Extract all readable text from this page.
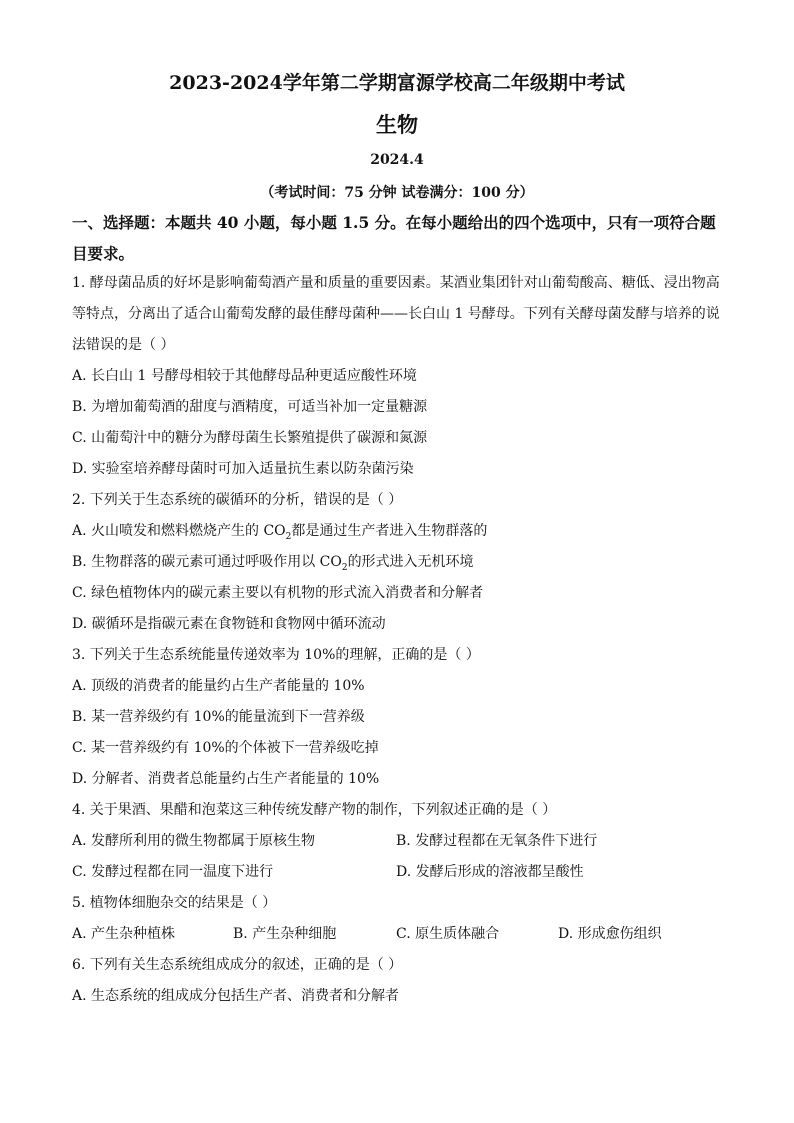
2023-2024学年第二学期富源学校高二年级期中考试
生物
2024.4
（考试时间：75 分钟 试卷满分：100 分）
一、选择题：本题共 40 小题，每小题 1.5 分。在每小题给出的四个选项中，只有一项符合题
目要求。
1. 酵母菌品质的好坏是影响葡萄酒产量和质量的重要因素。某酒业集团针对山葡萄酸高、糖低、浸出物高
等特点，分离出了适合山葡萄发酵的最佳酵母菌种——长白山 1 号酵母。下列有关酵母菌发酵与培养的说
法错误的是（ ）
A. 长白山 1 号酵母相较于其他酵母品种更适应酸性环境
B. 为增加葡萄酒的甜度与酒精度，可适当补加一定量糖源
C. 山葡萄汁中的糖分为酵母菌生长繁殖提供了碳源和氮源
D. 实验室培养酵母菌时可加入适量抗生素以防杂菌污染
2. 下列关于生态系统的碳循环的分析，错误的是（ ）
A. 火山喷发和燃料燃烧产生的 $CO_2$都是通过生产者进入生物群落的
B. 生物群落的碳元素可通过呼吸作用以 $CO_2$的形式进入无机环境
C. 绿色植物体内的碳元素主要以有机物的形式流入消费者和分解者
D. 碳循环是指碳元素在食物链和食物网中循环流动
3. 下列关于生态系统能量传递效率为 10%的理解，正确的是（ ）
A. 顶级的消费者的能量约占生产者能量的 10%
B. 某一营养级约有 10%的能量流到下一营养级
C. 某一营养级约有 10%的个体被下一营养级吃掉
D. 分解者、消费者总能量约占生产者能量的 10%
4. 关于果酒、果醋和泡菜这三种传统发酵产物的制作，下列叙述正确的是（ ）
A. 发酵所利用的微生物都属于原核生物	B. 发酵过程都在无氧条件下进行
C. 发酵过程都在同一温度下进行	D. 发酵后形成的溶液都呈酸性
5. 植物体细胞杂交的结果是（ ）
A. 产生杂种植株	B. 产生杂种细胞	C. 原生质体融合	D. 形成愈伤组织
6. 下列有关生态系统组成成分的叙述，正确的是（ ）
A. 生态系统的组成成分包括生产者、消费者和分解者
